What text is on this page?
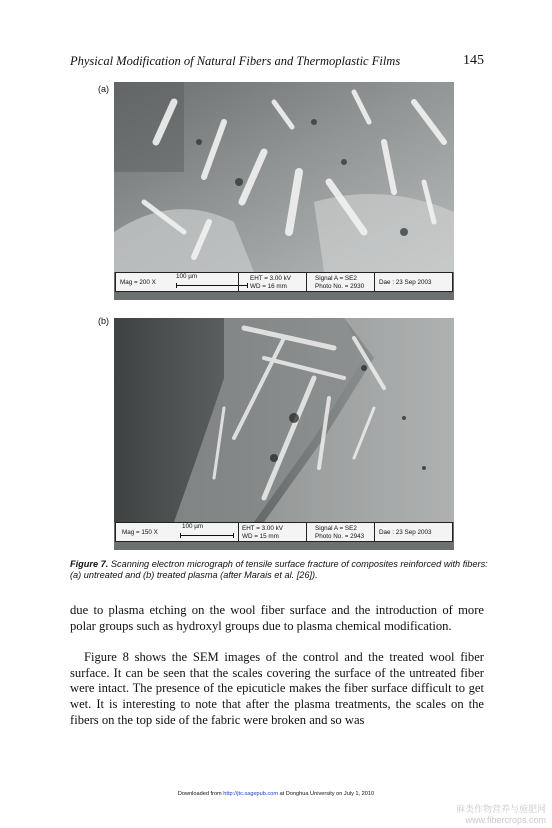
Physical Modification of Natural Fibers and Thermoplastic Films	145
(a)
Mag = 200 X
100 µm	EHT = 3.00 kV
WD = 16 mm
Signal A = SE2
Photo No. = 2930
Dae : 23 Sep 2003
(b)
Mag = 150 X
100 µm	EHT = 3.00 kV
WD = 15 mm
Signal A = SE2
Photo No. = 2943
Dae : 23 Sep 2003
Figure 7. Scanning electron micrograph of tensile surface fracture of composites reinforced with fibers: (a) untreated and (b) treated plasma (after Marais et al. [26]).
due to plasma etching on the wool fiber surface and the introduction of more polar groups such as hydroxyl groups due to plasma chemical modification.
Figure 8 shows the SEM images of the control and the treated wool fiber surface. It can be seen that the scales covering the surface of the untreated fiber were intact. The presence of the epicuticle makes the fiber surface difficult to get wet. It is interesting to note that after the plasma treatments, the scales on the fibers on the top side of the fabric were broken and so was
Downloaded from http://jtc.sagepub.com at Donghua University on July 1, 2010
麻类作物营养与施肥网
www.fibercrops.com
